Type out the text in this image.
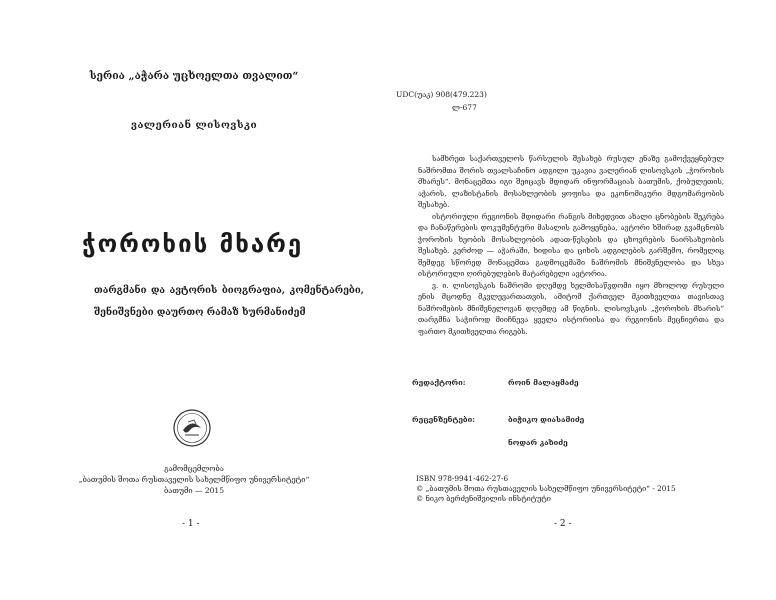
სერია „აჭარა უცხოელთა თვალით“
ვალერიან ლისოვსკი
ჭოროხის მხარე
თარგმანი და ავტორის ბიოგრაფია, კომენტარები, შენიშვნები დაურთო რამაზ ხურმანიძემ
გამომცემლობა
„ბათუმის შოთა რუსთაველის სახელმწიფო უნივერსიტეტი“
ბათუმი — 2015
- 1 -
UDC(უაკ) 908(479.223)
ლ-677

სამხრეთ საქართველოს წარსულის შესახებ რუსულ ენაზე გამოქვეყნებულ ნაშრომთა შორის თვალსაჩინო ადგილი უკავია ვალერიან ლისოვსკის „ჭოროხის მხარეს“. მონაცემთა იგი შეიცავს მდიდარ ინფორმაციას ბათუმის, ქობულეთის, აჭარის, ლაზისტანის მოსახლეობის ყოფისა და ეკონომიკური მდგომარეობის შესახებ.

ისტორიული რეგიონის მდიდარი რანგის მიხედვით ახალი ცნობების შეკრება და ჩანაწერების დოკუმენტური მასალის გამოყენება, ავტორი ხშირად გვამცნობს ჭოროხის ხეობის მოსახლეობის ადათ-წესების და ცხოვრების ნაირსახეობის შესახებ. კერძოდ — აჭარაში, ხიდისა და ციხის ადგილების გარშემო, რომელიც შემდეგ სწორედ მონაცემთა გადმოცემაში ნაშრომის მნიშვნელობა და სხვა ისტორიული ღირებულების მატარებელი ავტორია.

ვ. ი. ლისოვსკის ნაშრომი დღემდე ხელმისაწვდომი იყო მხოლოდ რუსული ენის მცოდნე მკვლევართათვის, ამიტომ ქართველ მკითხველთა თავისთავ ნაშრომების მნიშვნელოვან დღემდე ამ წიგნის. ლისოვსკის „ჭოროხის მხარის“ თარგმნა საჭიროდ მიიჩნევა ყველა ისტორიისა და რეგიონის მეცნიერთა და ფართო მკითხველთა რიგებს.

რედაქტორი:	როინ მალაყმაძე
რეცენზენტები:	ბიჭიკო დიასამიძე
ნოდარ კახიძე
ISBN 978-9941-462-27-6
© „ბათუმის შოთა რუსთაველის სახელმწიფო უნივერსიტეტი“ - 2015
© ნიკო ბერძენიშვილის ინსტიტუტი
- 2 -
